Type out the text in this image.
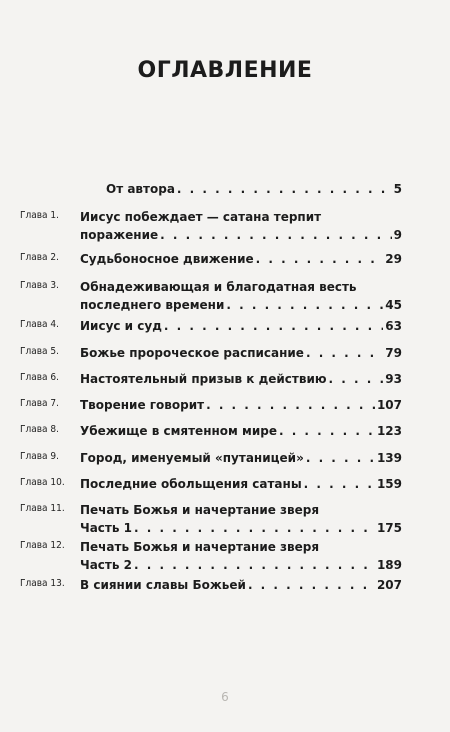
ОГЛАВЛЕНИЕ
От автора . . .	5
Глава 1.	Иисус побеждает — сатана терпит
поражение . . .	9
Глава 2.	Судьбоносное движение . . .	29
Глава 3.	Обнадеживающая и благодатная весть
последнего времени . . .	45
Глава 4.	Иисус и суд . . .	63
Глава 5.	Божье пророческое расписание . . .	79
Глава 6.	Настоятельный призыв к действию . . .	93
Глава 7.	Творение говорит . . .	107
Глава 8.	Убежище в смятенном мире . . .	123
Глава 9.	Город, именуемый «путаницей» . . .	139
Глава 10.	Последние обольщения сатаны . . .	159
Глава 11.	Печать Божья и начертание зверя
Часть 1 . . .	175
Глава 12.	Печать Божья и начертание зверя
Часть 2 . . .	189
Глава 13.	В сиянии славы Божьей . . .	207
6
